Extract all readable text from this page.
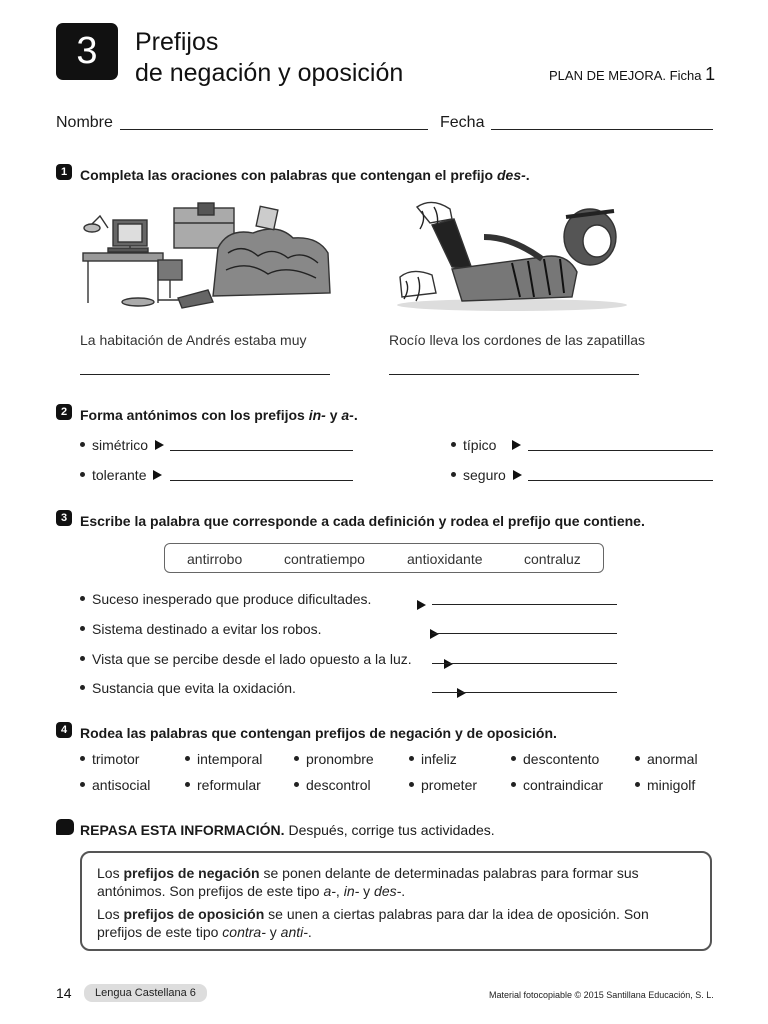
3 Prefijos
de negación y oposición	PLAN DE MEJORA. Ficha 1
Nombre	Fecha
1 Completa las oraciones con palabras que contengan el prefijo des-.
La habitación de Andrés estaba muy	Rocío lleva los cordones de las zapatillas
2 Forma antónimos con los prefijos in- y a-.
simétrico	típico
tolerante	seguro
3 Escribe la palabra que corresponde a cada definición y rodea el prefijo que contiene.
antirrobo	contratiempo	antioxidante	contraluz
Suceso inesperado que produce dificultades.

Sistema destinado a evitar los robos.

Vista que se percibe desde el lado opuesto a la luz.

Sustancia que evita la oxidación.
4 Rodea las palabras que contengan prefijos de negación y de oposición.
trimotor	intemporal	pronombre	infeliz	descontento	anormal
antisocial	reformular	descontrol	prometer	contraindicar	minigolf
REPASA ESTA INFORMACIÓN. Después, corrige tus actividades.

Los prefijos de negación se ponen delante de determinadas palabras para formar sus antónimos. Son prefijos de este tipo a-, in- y des-.

Los prefijos de oposición se unen a ciertas palabras para dar la idea de oposición. Son prefijos de este tipo contra- y anti-.

14	Lengua Castellana 6	Material fotocopiable © 2015 Santillana Educación, S. L.
